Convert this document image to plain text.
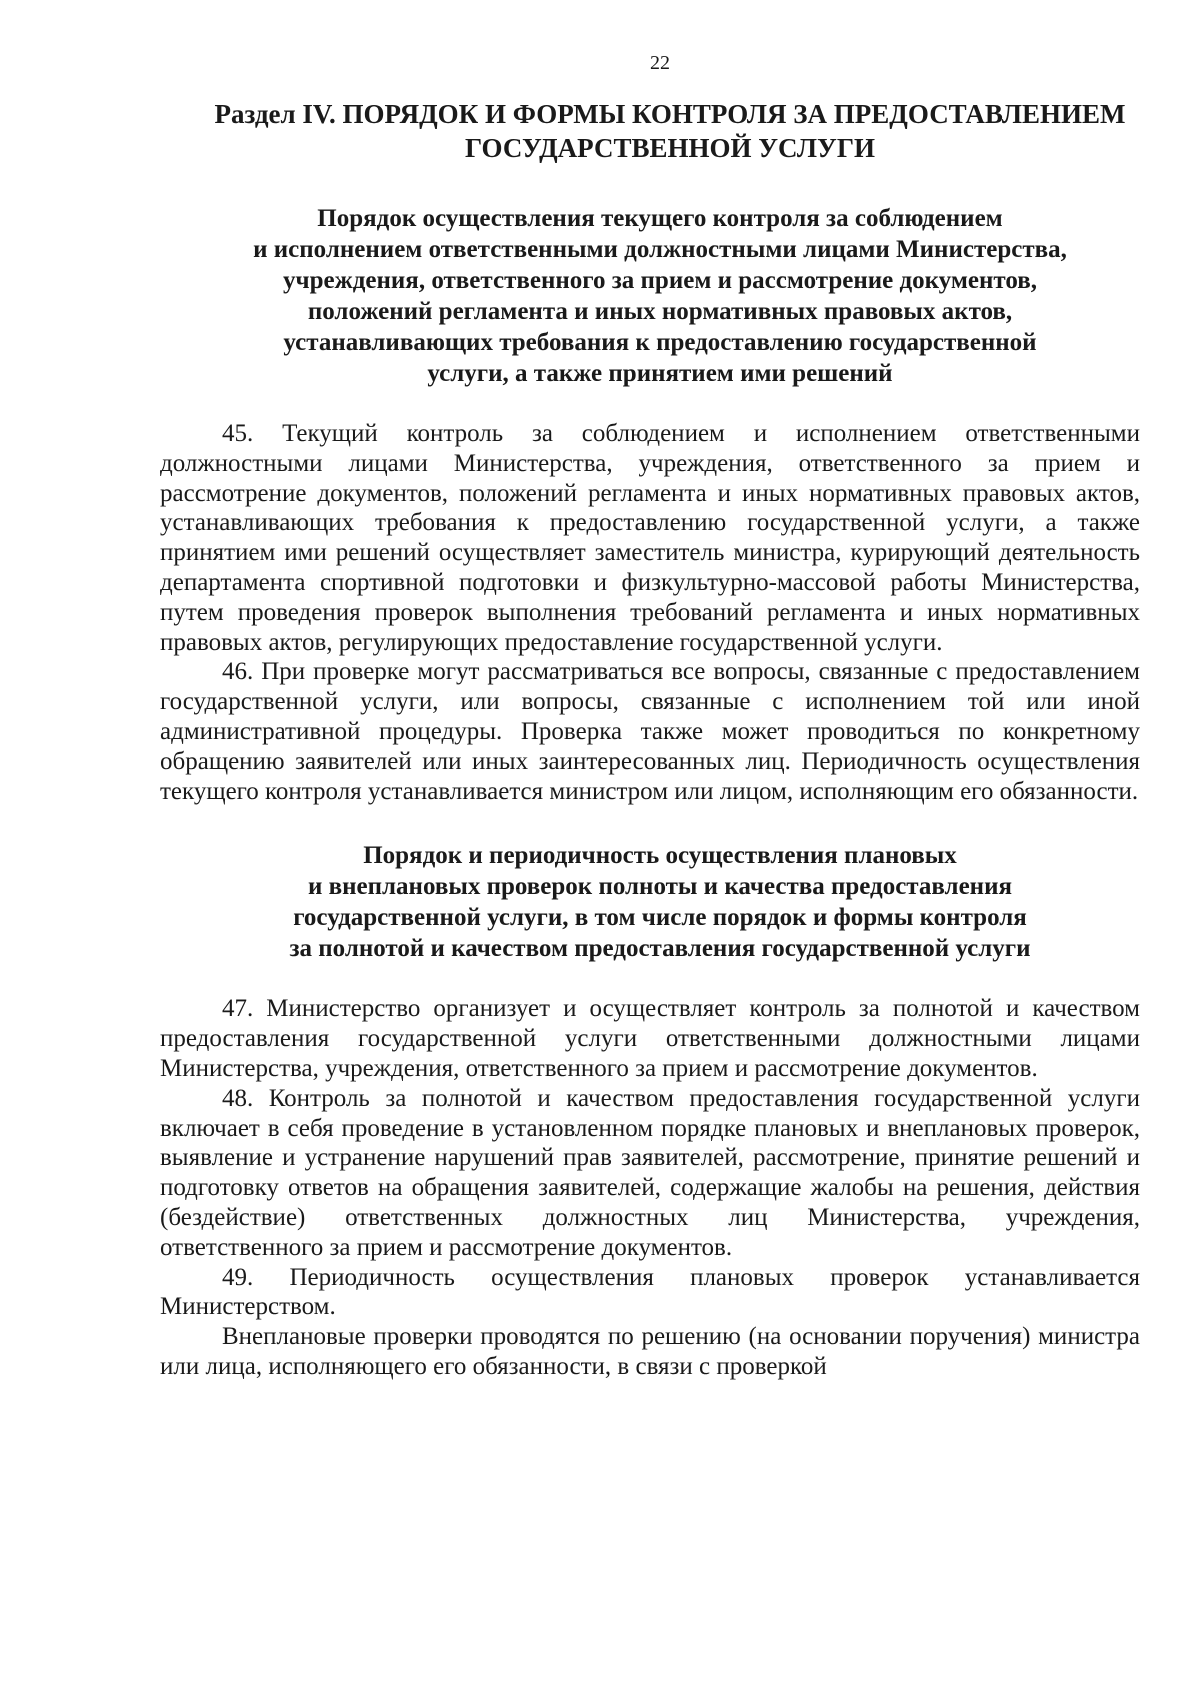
22
Раздел IV. ПОРЯДОК И ФОРМЫ КОНТРОЛЯ ЗА ПРЕДОСТАВЛЕНИЕМ
ГОСУДАРСТВЕННОЙ УСЛУГИ
Порядок осуществления текущего контроля за соблюдением
и исполнением ответственными должностными лицами Министерства,
учреждения, ответственного за прием и рассмотрение документов,
положений регламента и иных нормативных правовых актов,
устанавливающих требования к предоставлению государственной
услуги, а также принятием ими решений

45. Текущий контроль за соблюдением и исполнением ответственными должностными лицами Министерства, учреждения, ответственного за прием и рассмотрение документов, положений регламента и иных нормативных правовых актов, устанавливающих требования к предоставлению государственной услуги, а также принятием ими решений осуществляет заместитель министра, курирующий деятельность департамента спортивной подготовки и физкультурно-массовой работы Министерства, путем проведения проверок выполнения требований регламента и иных нормативных правовых актов, регулирующих предоставление государственной услуги.

46. При проверке могут рассматриваться все вопросы, связанные с предоставлением государственной услуги, или вопросы, связанные с исполнением той или иной административной процедуры. Проверка также может проводиться по конкретному обращению заявителей или иных заинтересованных лиц. Периодичность осуществления текущего контроля устанавливается министром или лицом, исполняющим его обязанности.

Порядок и периодичность осуществления плановых
и внеплановых проверок полноты и качества предоставления
государственной услуги, в том числе порядок и формы контроля
за полнотой и качеством предоставления государственной услуги

47. Министерство организует и осуществляет контроль за полнотой и качеством предоставления государственной услуги ответственными должностными лицами Министерства, учреждения, ответственного за прием и рассмотрение документов.

48. Контроль за полнотой и качеством предоставления государственной услуги включает в себя проведение в установленном порядке плановых и внеплановых проверок, выявление и устранение нарушений прав заявителей, рассмотрение, принятие решений и подготовку ответов на обращения заявителей, содержащие жалобы на решения, действия (бездействие) ответственных должностных лиц Министерства, учреждения, ответственного за прием и рассмотрение документов.

49. Периодичность осуществления плановых проверок устанавливается Министерством.

Внеплановые проверки проводятся по решению (на основании поручения) министра или лица, исполняющего его обязанности, в связи с проверкой
